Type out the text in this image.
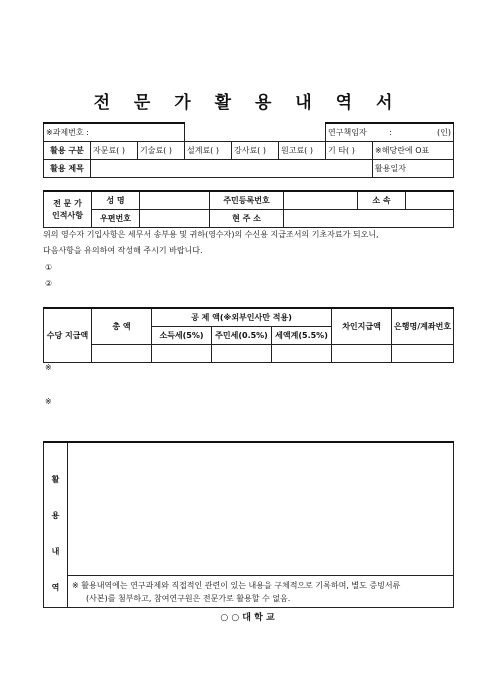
전 문 가 활 용 내 역 서
※과제번호 :						연구책임자 : (인)	

활용 구분	자문료( )	기술료( )	설계료( )	강사료( )	원고료( )	기 타( )	※해당란에 O표
활용 제목							활용일자
전 문 가
인적사항	성 명		주민등록번호		소 속	
	우편번호		현 주 소			
위의 영수자 기입사항은 세무서 송부용 및 귀하(영수자)의 수신용 지급조서의 기초자료가 되오니,
다음사항을 유의하여 작성해 주시기 바랍니다.
①
②
수당 지급액	총 액	공 제 액(※외부인사만 적용)			차인지급액	은행명/계좌번호
		소득세(5%)	주민세(0.5%)	세액계(5.5%)		

※
※
활
용
내
역	※ 활용내역에는 연구과제와 직접적인 관련이 있는 내용을 구체적으로 기록하며, 별도 증빙서류
(사본)를 첨부하고, 참여연구원은 전문가로 활용할 수 없음.
○ ○ 대 학 교
